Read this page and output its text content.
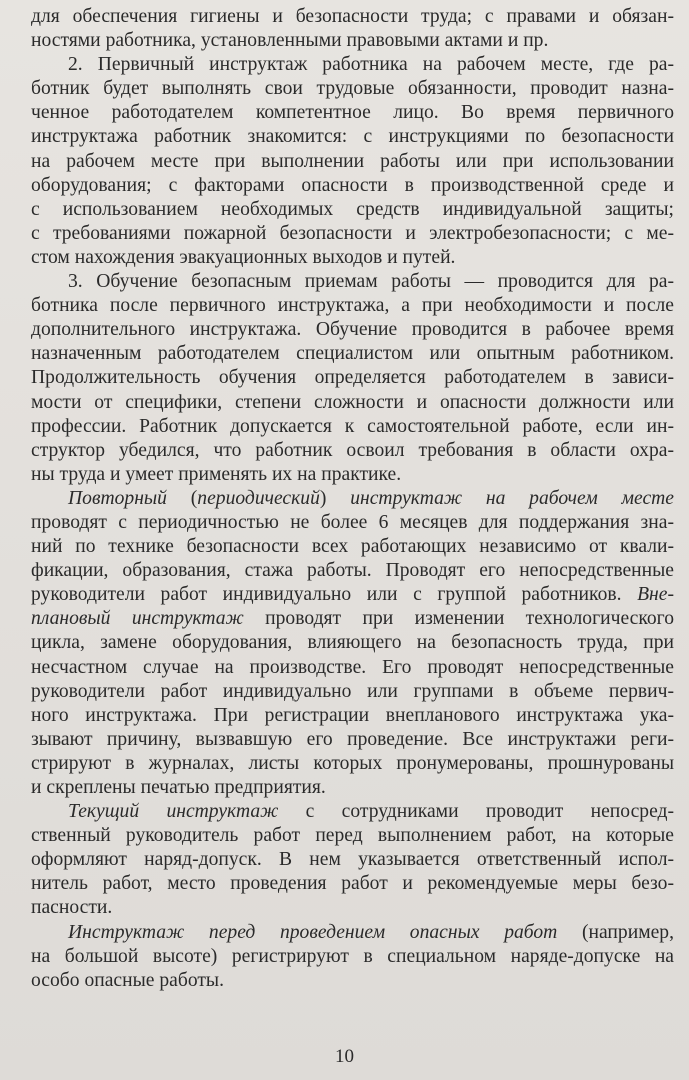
для обеспечения гигиены и безопасности труда; с правами и обязан-
ностями работника, установленными правовыми актами и пр.
2. Первичный инструктаж работника на рабочем месте, где ра-
ботник будет выполнять свои трудовые обязанности, проводит назна-
ченное работодателем компетентное лицо. Во время первичного
инструктажа работник знакомится: с инструкциями по безопасности
на рабочем месте при выполнении работы или при использовании
оборудования; с факторами опасности в производственной среде и
с использованием необходимых средств индивидуальной защиты;
с требованиями пожарной безопасности и электробезопасности; с ме-
стом нахождения эвакуационных выходов и путей.
3. Обучение безопасным приемам работы — проводится для ра-
ботника после первичного инструктажа, а при необходимости и после
дополнительного инструктажа. Обучение проводится в рабочее время
назначенным работодателем специалистом или опытным работником.
Продолжительность обучения определяется работодателем в зависи-
мости от специфики, степени сложности и опасности должности или
профессии. Работник допускается к самостоятельной работе, если ин-
структор убедился, что работник освоил требования в области охра-
ны труда и умеет применять их на практике.
Повторный (периодический) инструктаж на рабочем месте
проводят с периодичностью не более 6 месяцев для поддержания зна-
ний по технике безопасности всех работающих независимо от квали-
фикации, образования, стажа работы. Проводят его непосредственные
руководители работ индивидуально или с группой работников. Вне-
плановый инструктаж проводят при изменении технологического
цикла, замене оборудования, влияющего на безопасность труда, при
несчастном случае на производстве. Его проводят непосредственные
руководители работ индивидуально или группами в объеме первич-
ного инструктажа. При регистрации внепланового инструктажа ука-
зывают причину, вызвавшую его проведение. Все инструктажи реги-
стрируют в журналах, листы которых пронумерованы, прошнурованы
и скреплены печатью предприятия.
Текущий инструктаж с сотрудниками проводит непосред-
ственный руководитель работ перед выполнением работ, на которые
оформляют наряд-допуск. В нем указывается ответственный испол-
нитель работ, место проведения работ и рекомендуемые меры безо-
пасности.
Инструктаж перед проведением опасных работ (например,
на большой высоте) регистрируют в специальном наряде-допуске на
особо опасные работы.
10
